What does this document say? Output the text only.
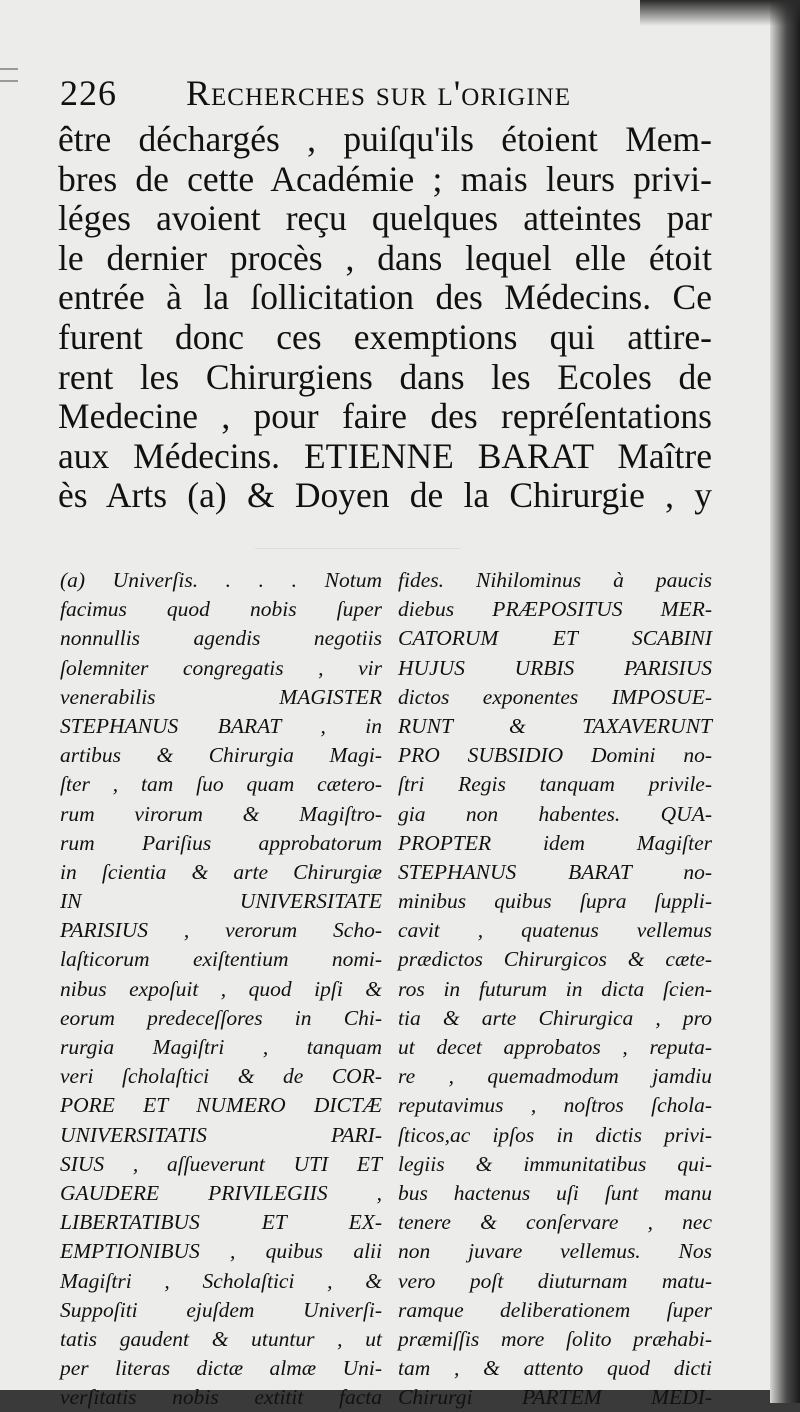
226 Recherches sur l'origine
être déchargés , puiſqu'ils étoient Mem-
bres de cette Académie ; mais leurs privi-
léges avoient reçu quelques atteintes par
le dernier procès , dans lequel elle étoit
entrée à la ſollicitation des Médecins. Ce
furent donc ces exemptions qui attire-
rent les Chirurgiens dans les Ecoles de
Medecine , pour faire des repréſentations
aux Médecins. ETIENNE BARAT Maître
ès Arts (a) & Doyen de la Chirurgie , y
(a) Univerſis. . . . Notum
facimus quod nobis ſuper
nonnullis agendis negotiis
ſolemniter congregatis , vir
venerabilis MAGISTER
STEPHANUS BARAT , in
artibus & Chirurgia Magi-
ſter , tam ſuo quam cætero-
rum virorum & Magiſtro-
rum Pariſius approbatorum
in ſcientia & arte Chirurgiæ
IN UNIVERSITATE
PARISIUS , verorum Scho-
laſticorum exiſtentium nomi-
nibus expoſuit , quod ipſi &
eorum predeceſſores in Chi-
rurgia Magiſtri , tanquam
veri ſcholaſtici & de COR-
PORE ET NUMERO DICTÆ
UNIVERSITATIS PARI-
SIUS , aſſueverunt UTI ET
GAUDERE PRIVILEGIIS ,
LIBERTATIBUS ET EX-
EMPTIONIBUS , quibus alii
Magiſtri , Scholaſtici , &
Suppoſiti ejuſdem Univerſi-
tatis gaudent & utuntur , ut
per literas dictæ almæ Uni-
verſitatis nobis extitit facta
fides. Nihilominus à paucis
diebus PRÆPOSITUS MER-
CATORUM ET SCABINI
HUJUS URBIS PARISIUS
dictos exponentes IMPOSUE-
RUNT & TAXAVERUNT
PRO SUBSIDIO Domini no-
ſtri Regis tanquam privile-
gia non habentes. QUA-
PROPTER idem Magiſter
STEPHANUS BARAT no-
minibus quibus ſupra ſuppli-
cavit , quatenus vellemus
prædictos Chirurgicos & cæte-
ros in futurum in dicta ſcien-
tia & arte Chirurgica , pro
ut decet approbatos , reputa-
re , quemadmodum jamdiu
reputavimus , noſtros ſchola-
ſticos,ac ipſos in dictis privi-
legiis & immunitatibus qui-
bus hactenus uſi ſunt manu
tenere & conſervare , nec
non juvare vellemus. Nos
vero poſt diuturnam matu-
ramque deliberationem ſuper
præmiſſis more ſolito præhabi-
tam , & attento quod dicti
Chirurgi PARTEM MEDI-
